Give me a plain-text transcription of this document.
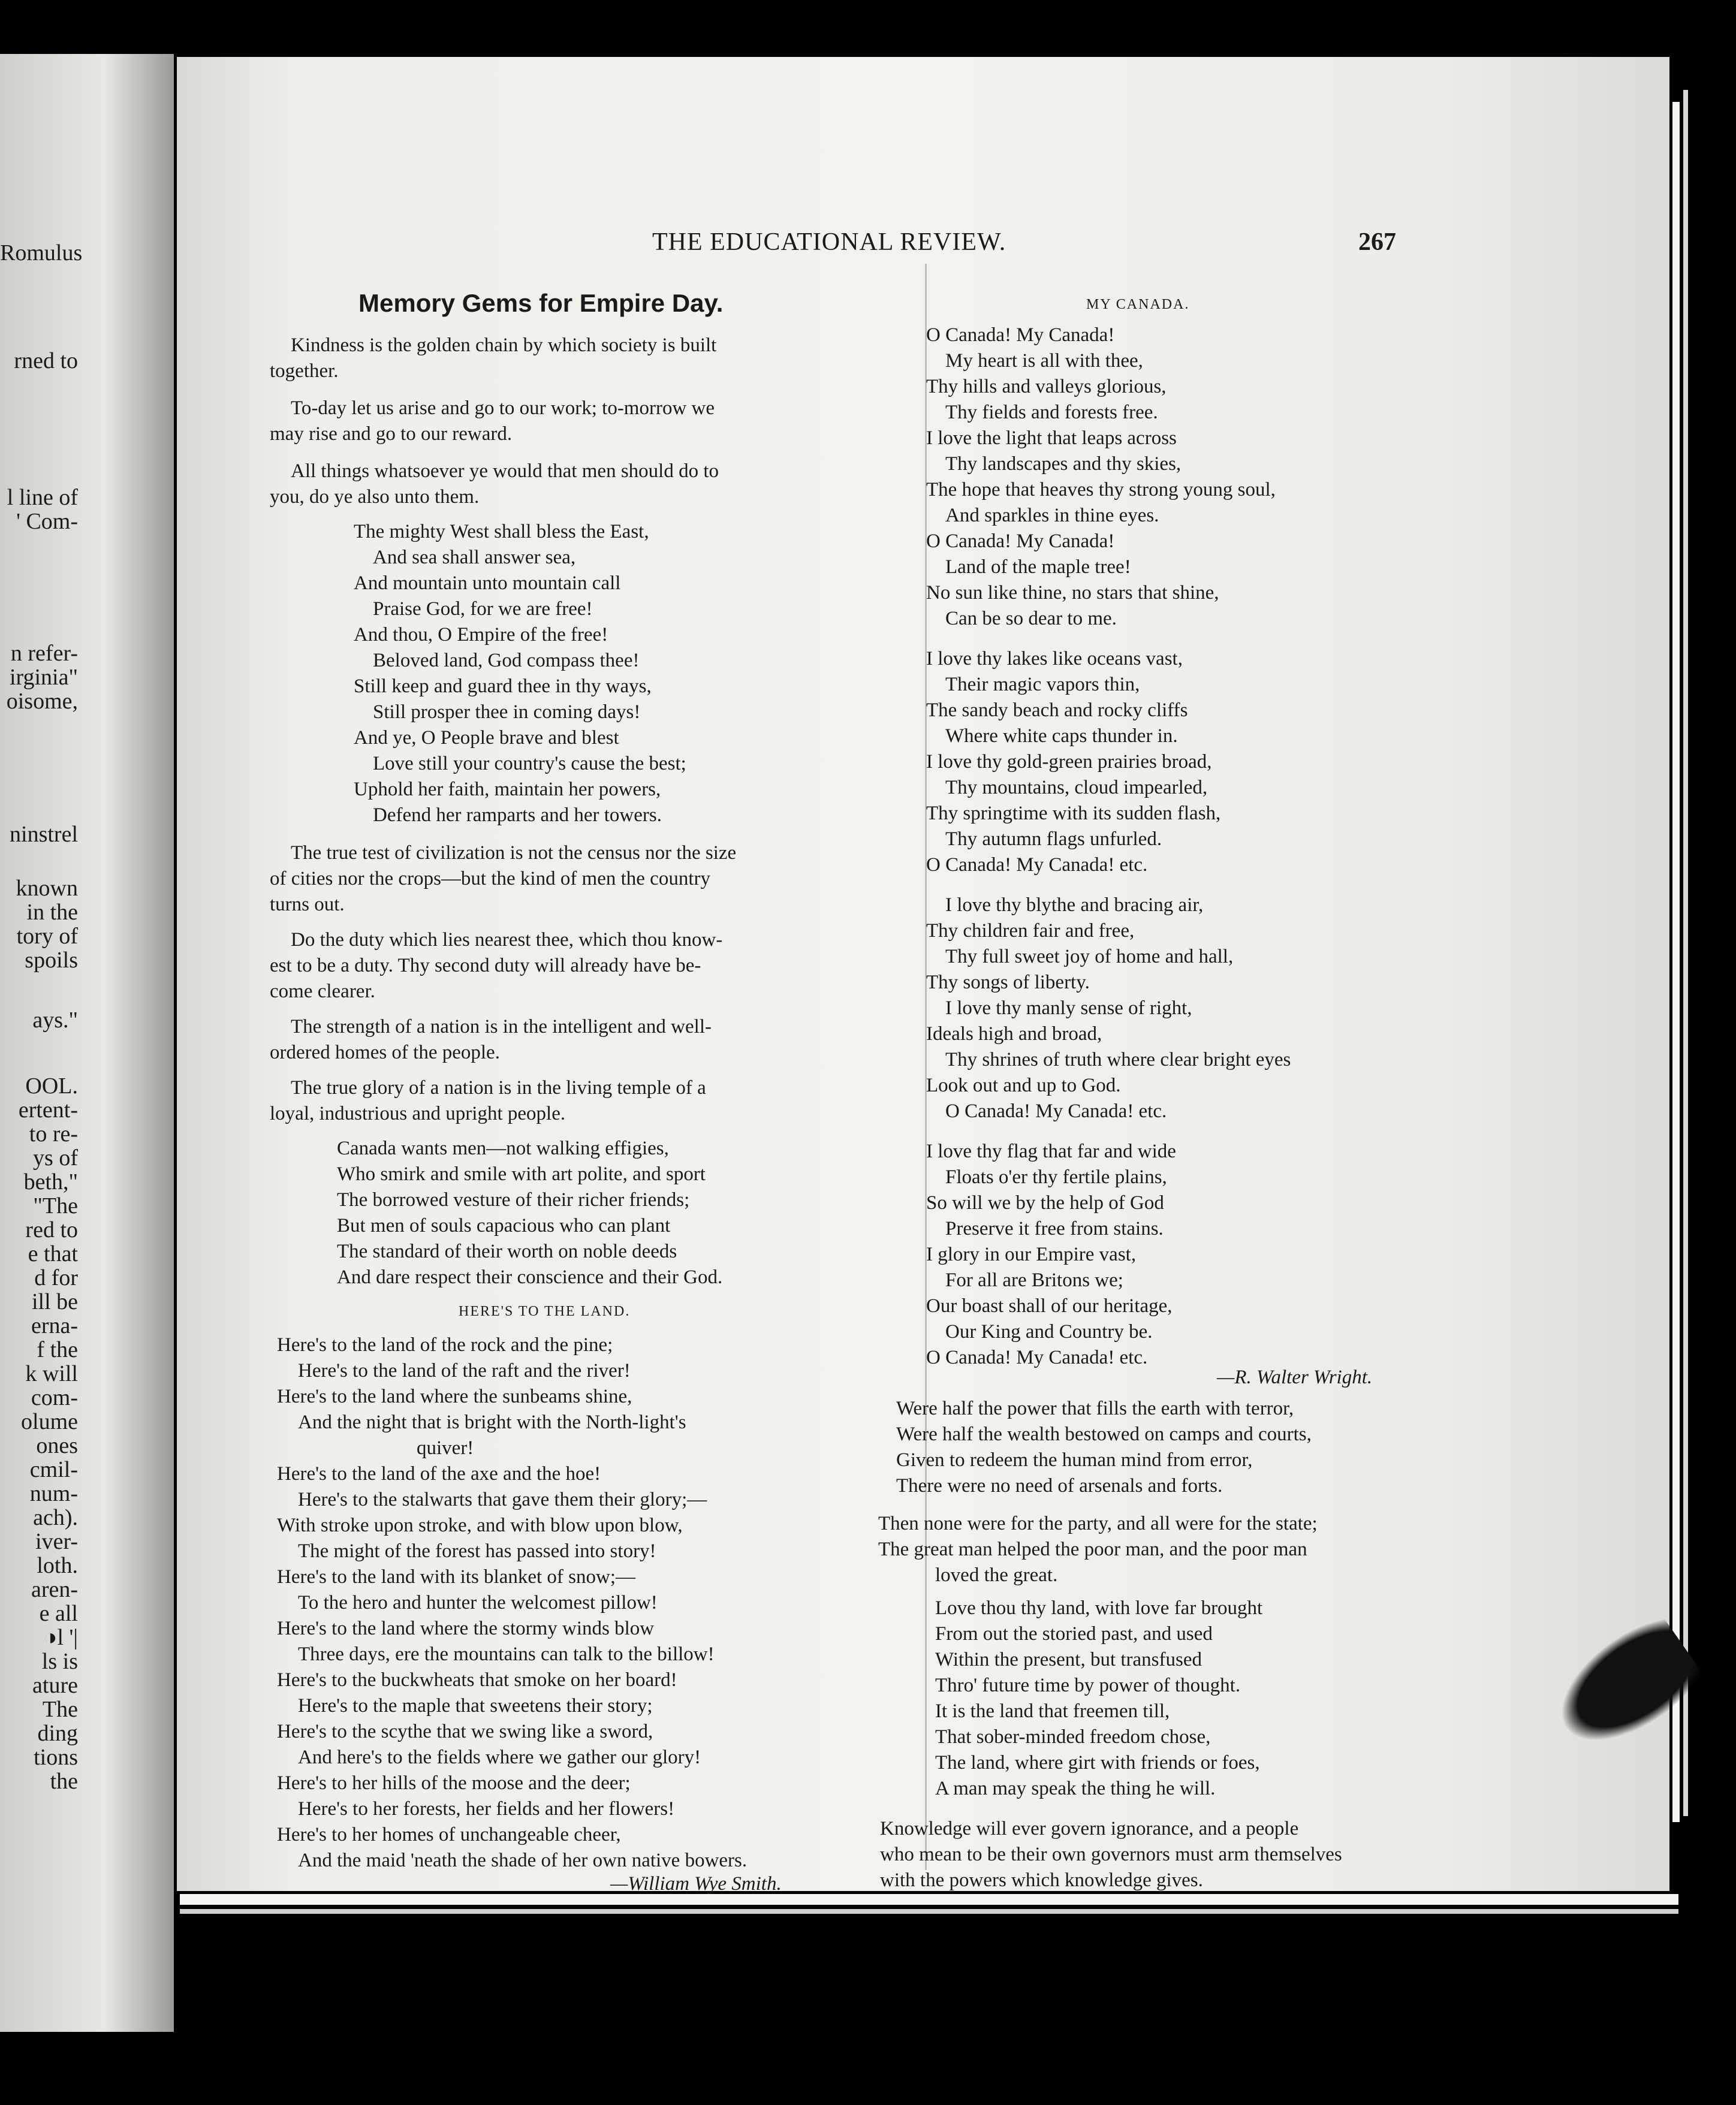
Romulus
rned to
l line of
' Com-
n refer-
irginia"
oisome,
ninstrel
known
in the
tory of
spoils
ays."
OOL.
ertent-
to re-
ys of
beth,"
"The
red to
e that
d for
ill be
erna-
f the
k will
com-
olume
ones
cmil-
num-
ach).
iver-
loth.
aren-
e all
◑l '|
ls is
ature
The
ding
tions
the
THE EDUCATIONAL REVIEW.	267
Memory Gems for Empire Day.
Kindness is the golden chain by which society is built
together.
To-day let us arise and go to our work; to-morrow we
may rise and go to our reward.
All things whatsoever ye would that men should do to
you, do ye also unto them.
The mighty West shall bless the East,
And sea shall answer sea,
And mountain unto mountain call
Praise God, for we are free!
And thou, O Empire of the free!
Beloved land, God compass thee!
Still keep and guard thee in thy ways,
Still prosper thee in coming days!
And ye, O People brave and blest
Love still your country's cause the best;
Uphold her faith, maintain her powers,
Defend her ramparts and her towers.
The true test of civilization is not the census nor the size
of cities nor the crops—but the kind of men the country
turns out.
Do the duty which lies nearest thee, which thou know-
est to be a duty. Thy second duty will already have be-
come clearer.
The strength of a nation is in the intelligent and well-
ordered homes of the people.
The true glory of a nation is in the living temple of a
loyal, industrious and upright people.
Canada wants men—not walking effigies,
Who smirk and smile with art polite, and sport
The borrowed vesture of their richer friends;
But men of souls capacious who can plant
The standard of their worth on noble deeds
And dare respect their conscience and their God.
HERE'S TO THE LAND.
Here's to the land of the rock and the pine;
Here's to the land of the raft and the river!
Here's to the land where the sunbeams shine,
And the night that is bright with the North-light's
quiver!
Here's to the land of the axe and the hoe!
Here's to the stalwarts that gave them their glory;—
With stroke upon stroke, and with blow upon blow,
The might of the forest has passed into story!
Here's to the land with its blanket of snow;—
To the hero and hunter the welcomest pillow!
Here's to the land where the stormy winds blow
Three days, ere the mountains can talk to the billow!
Here's to the buckwheats that smoke on her board!
Here's to the maple that sweetens their story;
Here's to the scythe that we swing like a sword,
And here's to the fields where we gather our glory!
Here's to her hills of the moose and the deer;
Here's to her forests, her fields and her flowers!
Here's to her homes of unchangeable cheer,
And the maid 'neath the shade of her own native bowers.
—William Wye Smith.
MY CANADA.
O Canada! My Canada!
My heart is all with thee,
Thy hills and valleys glorious,
Thy fields and forests free.
I love the light that leaps across
Thy landscapes and thy skies,
The hope that heaves thy strong young soul,
And sparkles in thine eyes.
O Canada! My Canada!
Land of the maple tree!
No sun like thine, no stars that shine,
Can be so dear to me.
I love thy lakes like oceans vast,
Their magic vapors thin,
The sandy beach and rocky cliffs
Where white caps thunder in.
I love thy gold-green prairies broad,
Thy mountains, cloud impearled,
Thy springtime with its sudden flash,
Thy autumn flags unfurled.
O Canada! My Canada! etc.
I love thy blythe and bracing air,
Thy children fair and free,
Thy full sweet joy of home and hall,
Thy songs of liberty.
I love thy manly sense of right,
Ideals high and broad,
Thy shrines of truth where clear bright eyes
Look out and up to God.
O Canada! My Canada! etc.
I love thy flag that far and wide
Floats o'er thy fertile plains,
So will we by the help of God
Preserve it free from stains.
I glory in our Empire vast,
For all are Britons we;
Our boast shall of our heritage,
Our King and Country be.
O Canada! My Canada! etc.
—R. Walter Wright.
Were half the power that fills the earth with terror,
Were half the wealth bestowed on camps and courts,
Given to redeem the human mind from error,
There were no need of arsenals and forts.
Then none were for the party, and all were for the state;
The great man helped the poor man, and the poor man
loved the great.
Love thou thy land, with love far brought
From out the storied past, and used
Within the present, but transfused
Thro' future time by power of thought.
It is the land that freemen till,
That sober-minded freedom chose,
The land, where girt with friends or foes,
A man may speak the thing he will.
Knowledge will ever govern ignorance, and a people
who mean to be their own governors must arm themselves
with the powers which knowledge gives.
